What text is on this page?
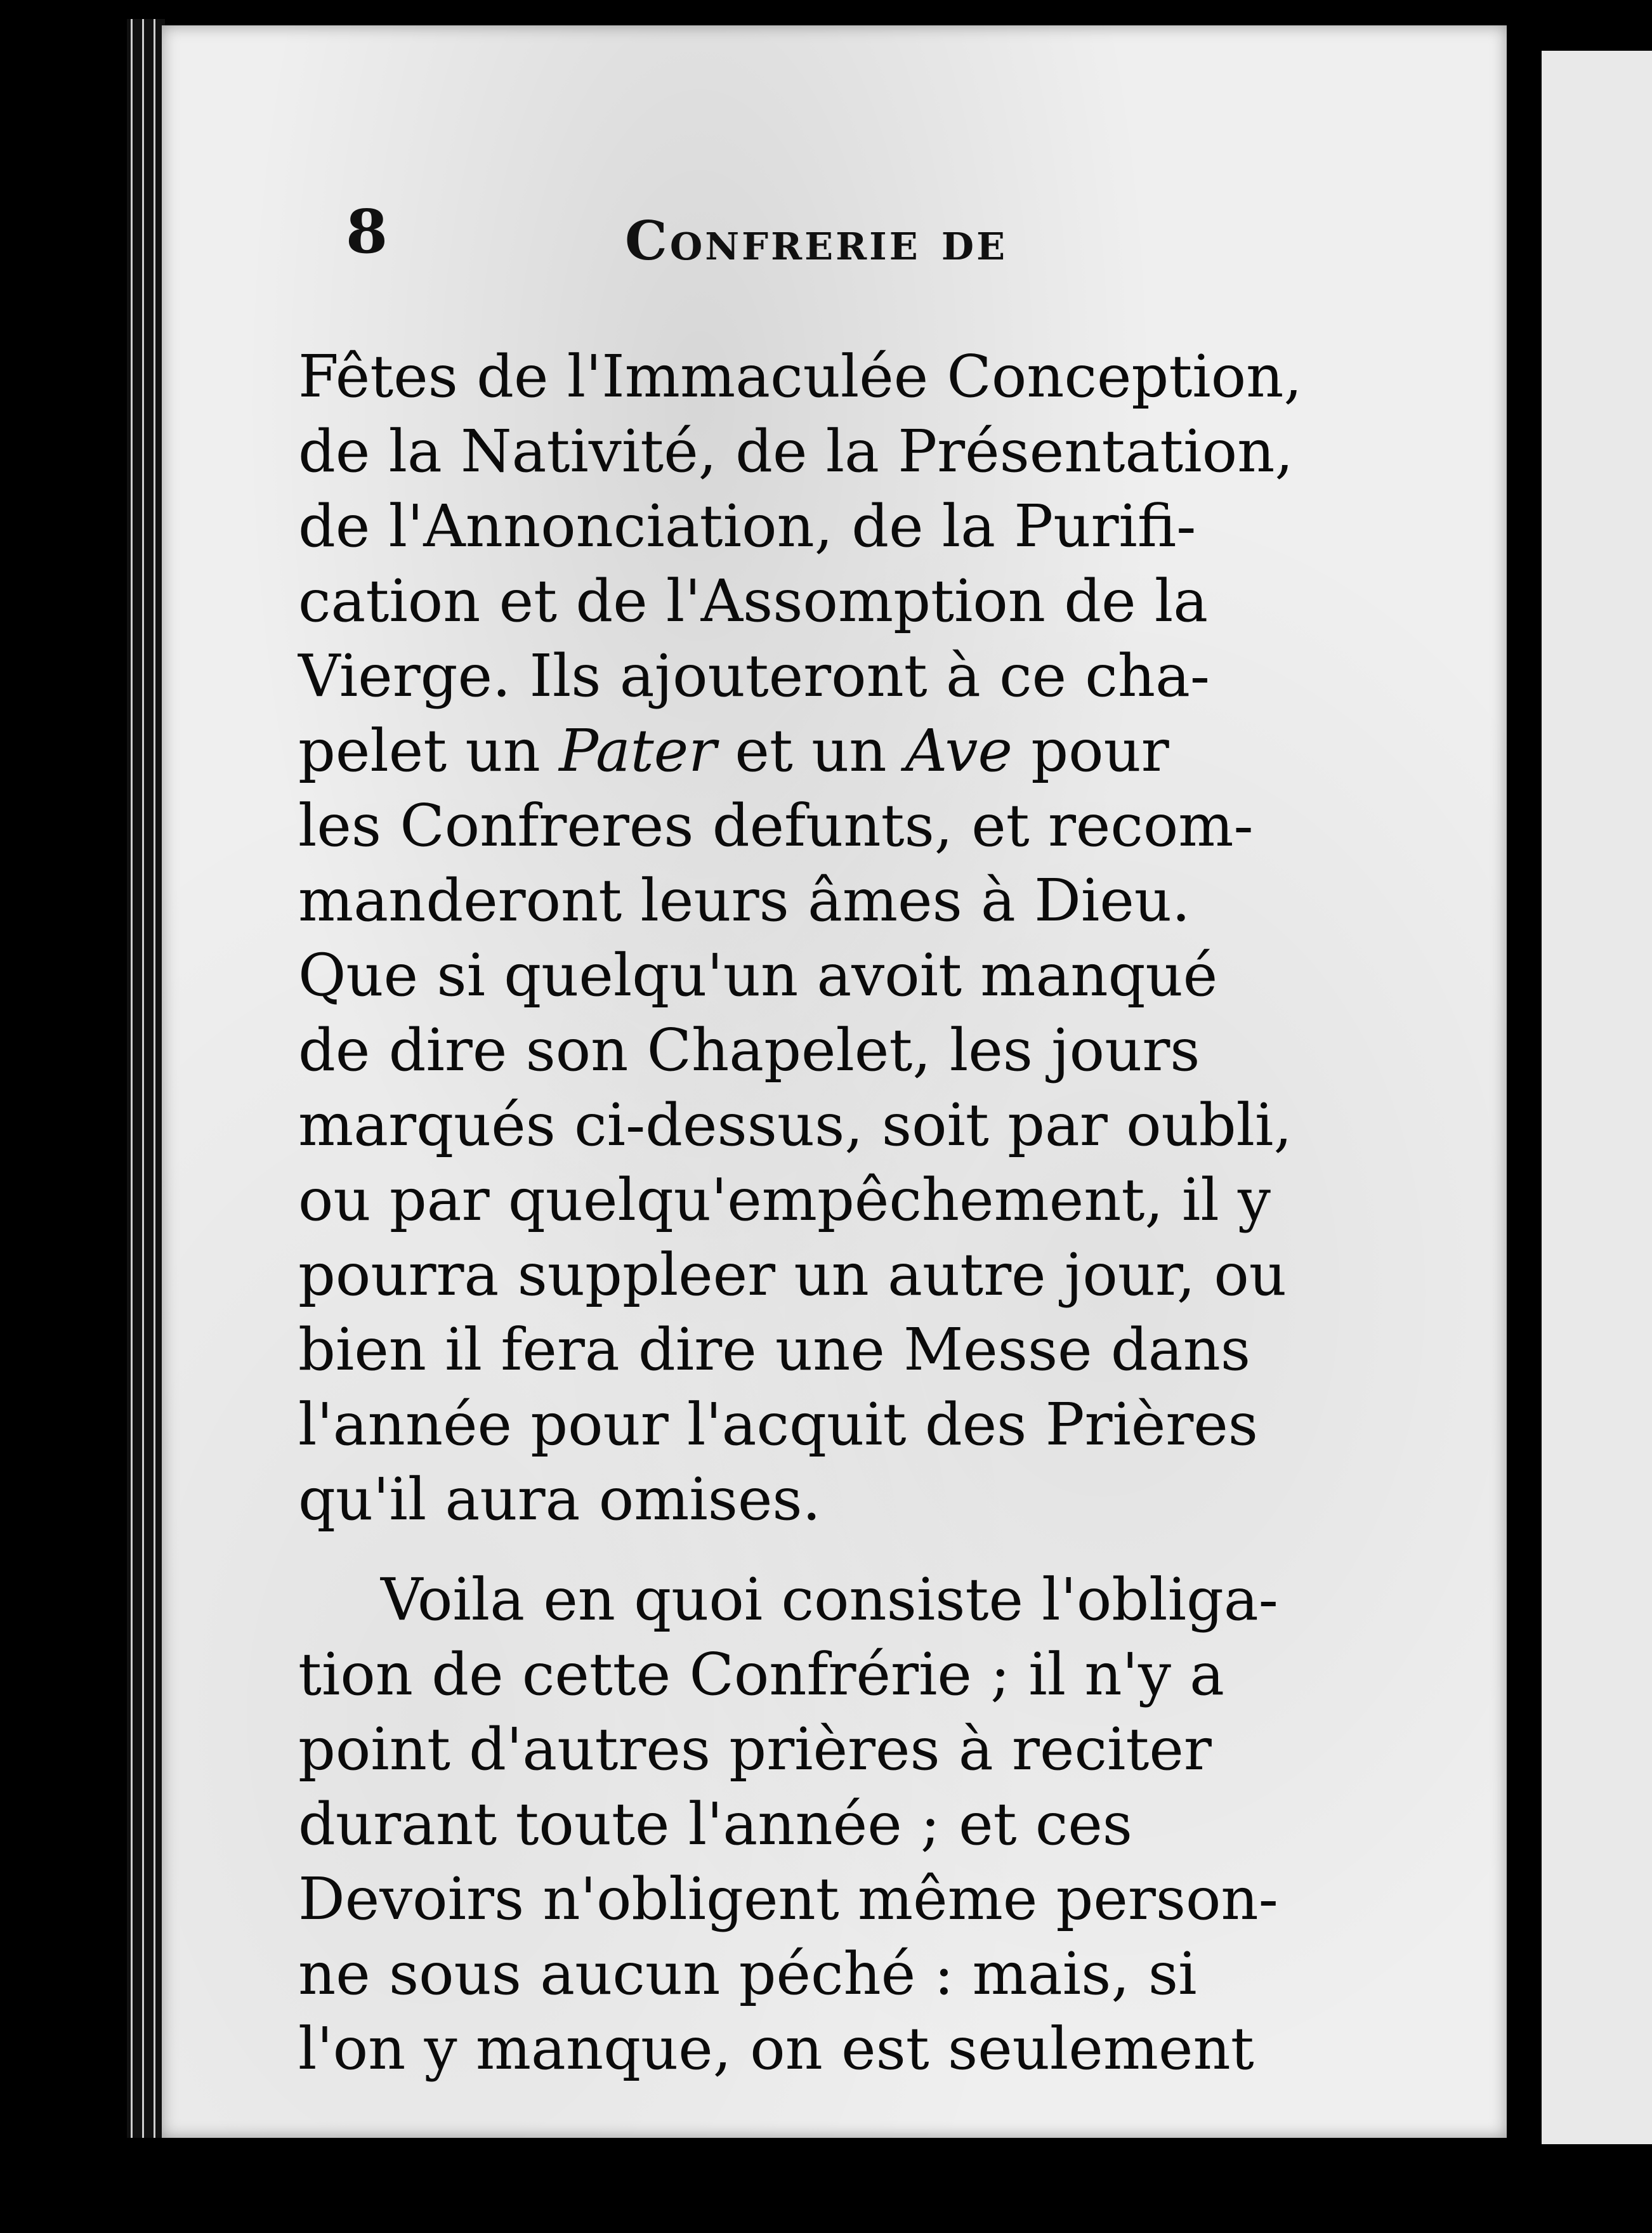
8	Confrerie de
Fêtes de l'Immaculée Conception,
de la Nativité, de la Présentation,
de l'Annonciation, de la Purifi-
cation et de l'Assomption de la
Vierge. Ils ajouteront à ce cha-
pelet un Pater et un Ave pour
les Confreres defunts, et recom-
manderont leurs âmes à Dieu.
Que si quelqu'un avoit manqué
de dire son Chapelet, les jours
marqués ci-dessus, soit par oubli,
ou par quelqu'empêchement, il y
pourra suppleer un autre jour, ou
bien il fera dire une Messe dans
l'année pour l'acquit des Prières
qu'il aura omises.
Voila en quoi consiste l'obliga-
tion de cette Confrérie ; il n'y a
point d'autres prières à reciter
durant toute l'année ; et ces
Devoirs n'obligent même person-
ne sous aucun péché : mais, si
l'on y manque, on est seulement
